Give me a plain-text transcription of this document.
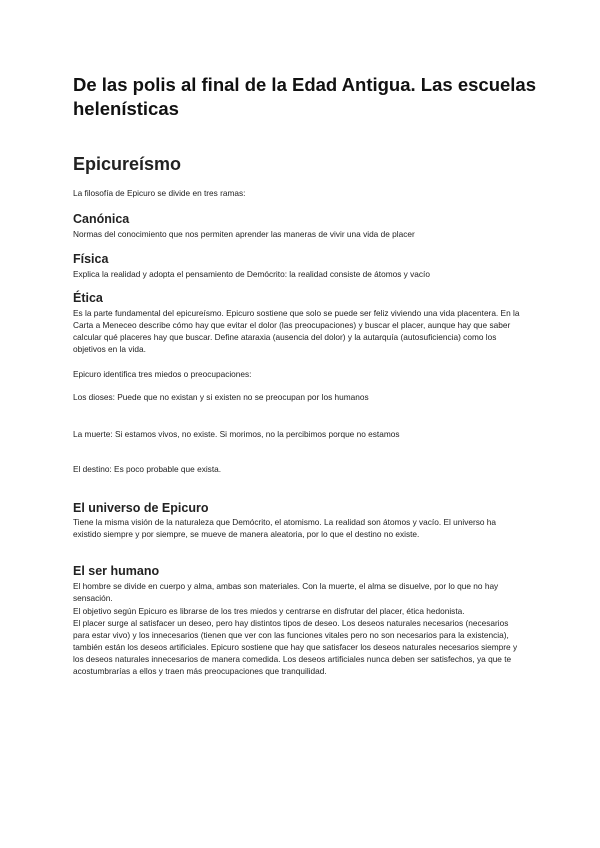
De las polis al final de la Edad Antigua. Las escuelas helenísticas
Epicureísmo

La filosofía de Epicuro se divide en tres ramas:

Canónica

Normas del conocimiento que nos permiten aprender las maneras de vivir una vida de placer

Física

Explica la realidad y adopta el pensamiento de Demócrito: la realidad consiste de átomos y vacío

Ética

Es la parte fundamental del epicureísmo. Epicuro sostiene que solo se puede ser feliz viviendo una vida placentera. En la Carta a Meneceo describe cómo hay que evitar el dolor (las preocupaciones) y buscar el placer, aunque hay que saber calcular qué placeres hay que buscar. Define ataraxia (ausencia del dolor) y la autarquía (autosuficiencia) como los objetivos en la vida.

Epicuro identifica tres miedos o preocupaciones:

Los dioses: Puede que no existan y si existen no se preocupan por los humanos

La muerte: Si estamos vivos, no existe. Si morimos, no la percibimos porque no estamos

El destino: Es poco probable que exista.

El universo de Epicuro

Tiene la misma visión de la naturaleza que Demócrito, el atomismo. La realidad son átomos y vacío. El universo ha existido siempre y por siempre, se mueve de manera aleatoria, por lo que el destino no existe.

El ser humano

El hombre se divide en cuerpo y alma, ambas son materiales. Con la muerte, el alma se disuelve, por lo que no hay sensación.

El objetivo según Epicuro es librarse de los tres miedos y centrarse en disfrutar del placer, ética hedonista.

El placer surge al satisfacer un deseo, pero hay distintos tipos de deseo. Los deseos naturales necesarios (necesarios para estar vivo) y los innecesarios (tienen que ver con las funciones vitales pero no son necesarios para la existencia), también están los deseos artificiales. Epicuro sostiene que hay que satisfacer los deseos naturales necesarios siempre y los deseos naturales innecesarios de manera comedida. Los deseos artificiales nunca deben ser satisfechos, ya que te acostumbrarías a ellos y traen más preocupaciones que tranquilidad.
